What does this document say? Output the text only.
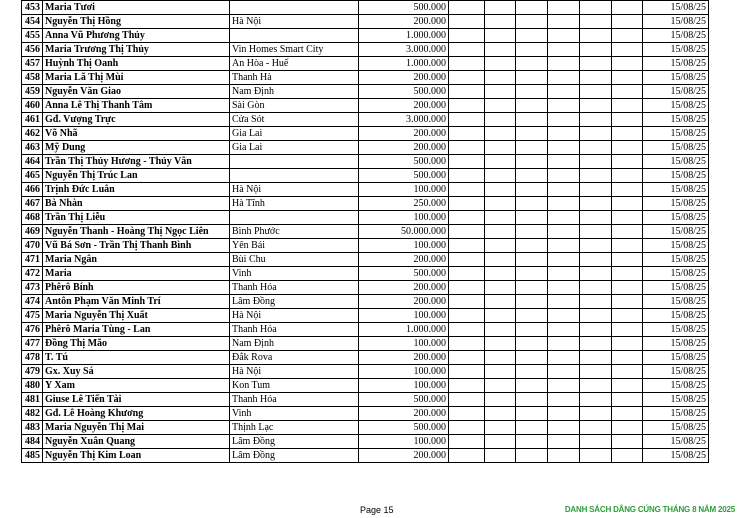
453	Maria Tươi		500.000							15/08/25
454	Nguyễn Thị Hồng	Hà Nội	200.000							15/08/25
455	Anna Vũ Phương Thủy		1.000.000							15/08/25
456	Maria Trương Thị Thủy	Vin Homes Smart City	3.000.000							15/08/25
457	Huỳnh Thị Oanh	An Hòa - Huế	1.000.000							15/08/25
458	Maria Lã Thị Mùi	Thanh Hà	200.000							15/08/25
459	Nguyễn Văn Giao	Nam Định	500.000							15/08/25
460	Anna Lê Thị Thanh Tâm	Sài Gòn	200.000							15/08/25
461	Gđ. Vượng Trực	Cửa Sót	3.000.000							15/08/25
462	Võ Nhã	Gia Lai	200.000							15/08/25
463	Mỹ Dung	Gia Lai	200.000							15/08/25
464	Trần Thị Thủy Hương - Thủy Vân		500.000							15/08/25
465	Nguyễn Thị Trúc Lan		500.000							15/08/25
466	Trịnh Đức Luân	Hà Nội	100.000							15/08/25
467	Bà Nhàn	Hà Tĩnh	250.000							15/08/25
468	Trần Thị Liễu		100.000							15/08/25
469	Nguyễn Thanh - Hoàng Thị Ngọc Liên	Bình Phước	50.000.000							15/08/25
470	Vũ Bá Sơn - Trần Thị Thanh Bình	Yên Bái	100.000							15/08/25
471	Maria Ngân	Bùi Chu	200.000							15/08/25
472	Maria	Vinh	500.000							15/08/25
473	Phêrô Bính	Thanh Hóa	200.000							15/08/25
474	Antôn Phạm Văn Minh Trí	Lâm Đồng	200.000							15/08/25
475	Maria Nguyễn Thị Xuất	Hà Nội	100.000							15/08/25
476	Phêrô Maria Tùng - Lan	Thanh Hóa	1.000.000							15/08/25
477	Đồng Thị Mão	Nam Định	100.000							15/08/25
478	T. Tú	Đắk Rova	200.000							15/08/25
479	Gx. Xuy Sá	Hà Nội	100.000							15/08/25
480	Y Xam	Kon Tum	100.000							15/08/25
481	Giuse Lê Tiến Tài	Thanh Hóa	500.000							15/08/25
482	Gđ. Lê Hoàng Khương	Vinh	200.000							15/08/25
483	Maria Nguyễn Thị Mai	Thịnh Lạc	500.000							15/08/25
484	Nguyễn Xuân Quang	Lâm Đồng	100.000							15/08/25
485	Nguyễn Thị Kim Loan	Lâm Đồng	200.000							15/08/25
Page 15	DANH SÁCH DÂNG CÚNG THÁNG 8 NĂM 2025
